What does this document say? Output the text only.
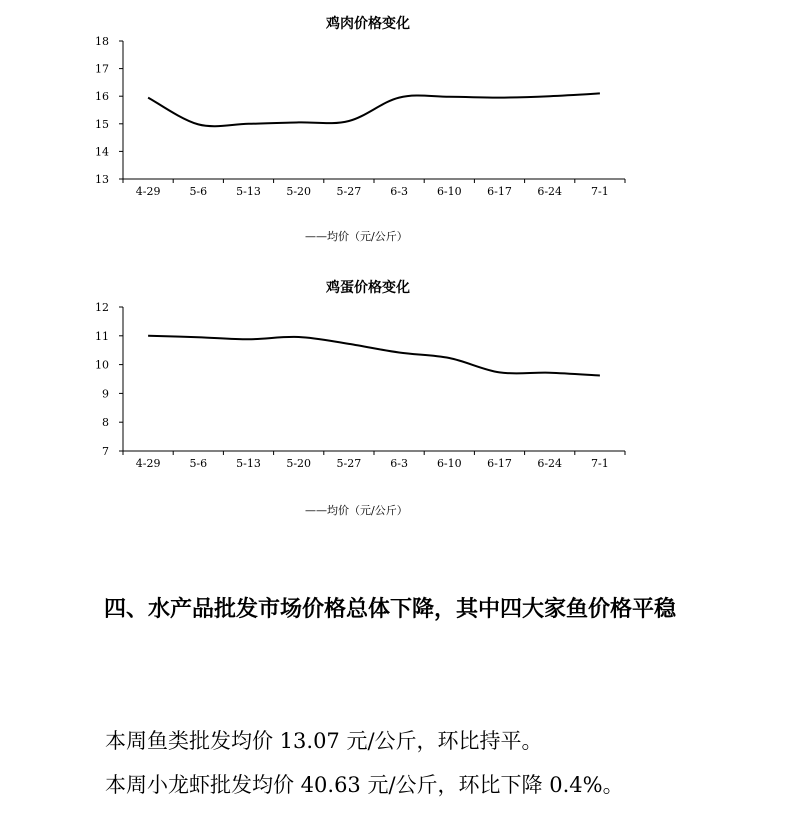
鸡肉价格变化
13
14
15
16
17
18
4-29	5-6	5-13 5-20 5-27	6-3	6-10 6-17 6-24	7-1
——均价（元/公斤）
鸡蛋价格变化
7
8
9
10
11
12
4-29	5-6	5-13 5-20 5-27	6-3	6-10 6-17 6-24	7-1
——均价（元/公斤）

四、水产品批发市场价格总体下降，其中四大家鱼价格平稳

本周鱼类批发均价 13.07 元/公斤，环比持平。

本周小龙虾批发均价 40.63 元/公斤，环比下降 0.4%。
